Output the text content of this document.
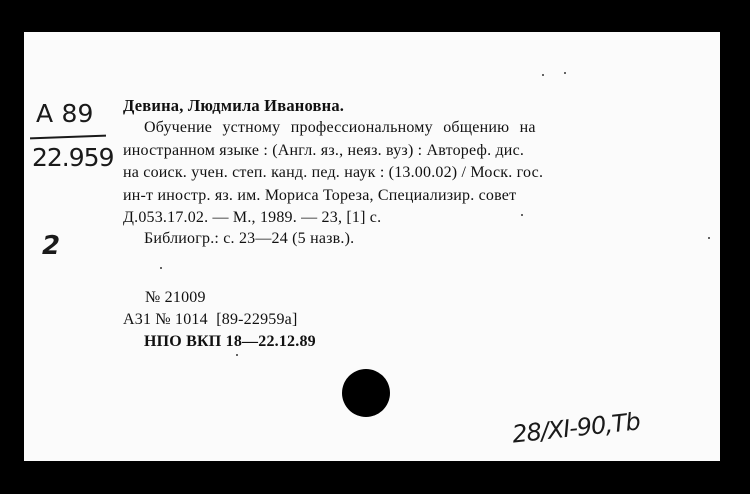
A 89
22.959
2
Девина, Людмила Ивановна.
Обучение  устному  профессиональному  общению  на
иностранном языке : (Англ. яз., неяз. вуз) : Автореф. дис.
на соиск. учен. степ. канд. пед. наук : (13.00.02) / Моск. гос.
ин-т иностр. яз. им. Мориса Тореза, Специализир. совет
Д.053.17.02. — М., 1989. — 23, [1] с.
Библиогр.: с. 23—24 (5 назв.).
№ 21009
А31 № 1014  [89-22959а]
НПО ВКП 18—22.12.89
28/XI-90,Tb
